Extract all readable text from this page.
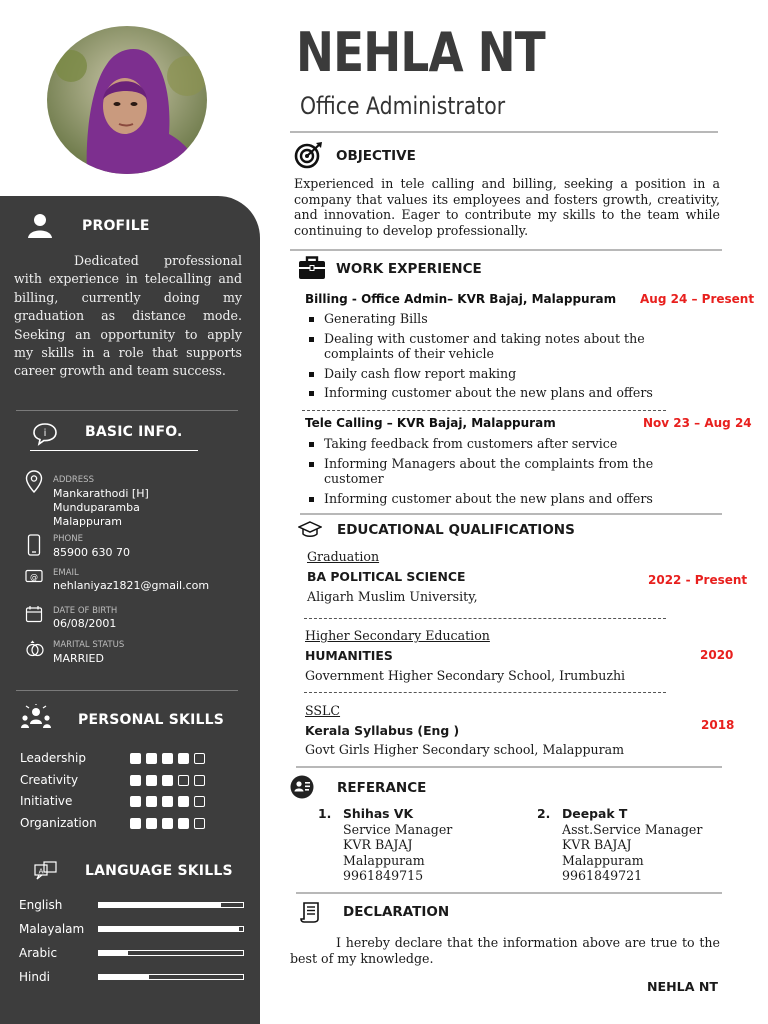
PROFILE
Dedicated professional with experience in telecalling and billing, currently doing my graduation as distance mode. Seeking an opportunity to apply my skills in a role that supports career growth and team success.
i	BASIC INFO.
ADDRESS
Mankarathodi [H]
Munduparamba
Malappuram
PHONE
85900 630 70
@ EMAIL
nehlaniyaz1821@gmail.com
DATE OF BIRTH
06/08/2001
MARITAL STATUS
MARRIED
PERSONAL SKILLS
A	LANGUAGE SKILLS
Leadership
Creativity
Initiative
Organization
English
Malayalam
Arabic
Hindi
NEHLA NT
Office Administrator
OBJECTIVE
Experienced in tele calling and billing, seeking a position in a company that values its employees and fosters growth, creativity, and innovation. Eager to contribute my skills to the team while continuing to develop professionally.
WORK EXPERIENCE
Billing - Office Admin– KVR Bajaj, Malappuram Aug 24 – Present
Generating Bills
Dealing with customer and taking notes about the complaints of their vehicle
Daily cash flow report making
Informing customer about the new plans and offers
Tele Calling – KVR Bajaj, Malappuram	Nov 23 – Aug 24
Taking feedback from customers after service
Informing Managers about the complaints from the customer
Informing customer about the new plans and offers
EDUCATIONAL QUALIFICATIONS
Graduation
BA POLITICAL SCIENCE	2022 - Present
Aligarh Muslim University,
Higher Secondary Education
HUMANITIES	2020
Government Higher Secondary School, Irumbuzhi
SSLC
Kerala Syllabus (Eng )	2018
Govt Girls Higher Secondary school, Malappuram
REFERANCE
1. Shihas VK
Service Manager
KVR BAJAJ
Malappuram
9961849715
2. Deepak T
Asst.Service Manager
KVR BAJAJ
Malappuram
9961849721
DECLARATION
I hereby declare that the information above are true to the best of my knowledge.
NEHLA NT
